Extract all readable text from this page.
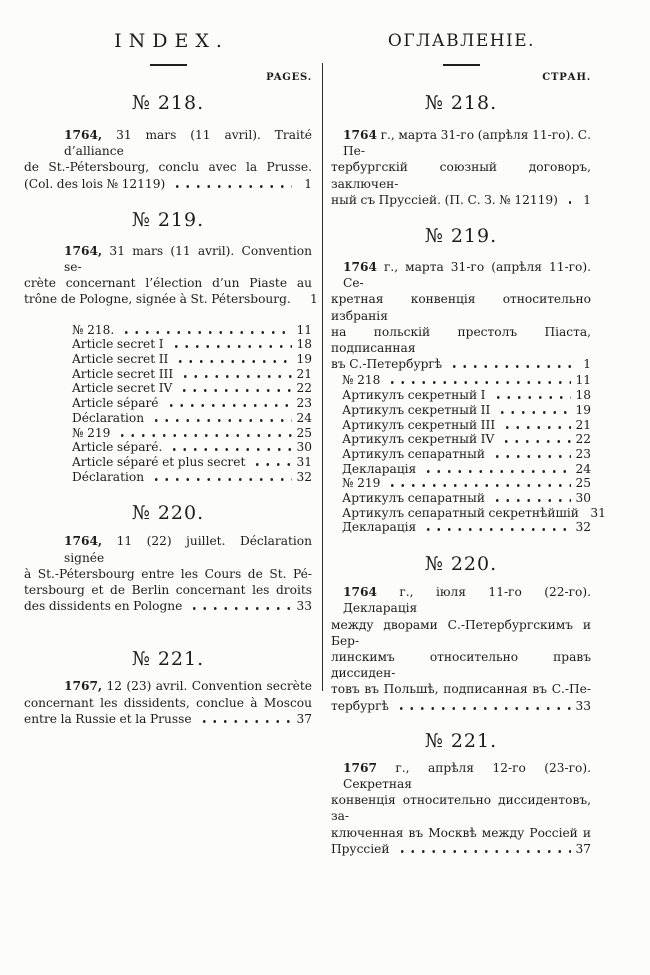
INDEX.
PAGES.
№ 218.
1764, 31 mars (11 avril). Traité d’alliance
de St.-Pétersbourg, conclu avec la Prusse.
(Col. des lois № 12119)	1
№ 219.
1764, 31 mars (11 avril). Convention se-
crète concernant l’élection d’un Piaste au
trône de Pologne, signée à St. Pétersbourg.	1
№ 218.	11
Article secret I	18
Article secret II	19
Article secret III	21
Article secret IV	22
Article séparé	23
Déclaration	24
№ 219	25
Article séparé.	30
Article séparé et plus secret	31
Déclaration	32
№ 220.
1764, 11 (22) juillet. Déclaration signée
à St.-Pétersbourg entre les Cours de St. Pé-
tersbourg et de Berlin concernant les droits
des dissidents en Pologne	33
№ 221.
1767, 12 (23) avril. Convention secrète
concernant les dissidents, conclue à Moscou
entre la Russie et la Prusse	37
ОГЛАВЛЕНІЕ.
СТРАН.
№ 218.
1764 г., марта 31-го (апрѣля 11-го). С. Пе-
тербургскій союзный договоръ, заключен-
ный съ Пруссіей. (П. С. З. № 12119)	1
№ 219.
1764 г., марта 31-го (апрѣля 11-го). Се-
кретная конвенція относительно избранія
на польскій престолъ Піаста, подписанная
въ С.-Петербургѣ	1
№ 218	11
Артикулъ секретный I	18
Артикулъ секретный II	19
Артикулъ секретный III	21
Артикулъ секретный IV	22
Артикулъ сепаратный	23
Декларація	24
№ 219	25
Артикулъ сепаратный	30
Артикулъ сепаратный секретнѣйшій 31
Декларація	32
№ 220.
1764 г., іюля 11-го (22-го). Декларація
между дворами С.-Петербургскимъ и Бер-
линскимъ относительно правъ диссиден-
товъ въ Польшѣ, подписанная въ С.-Пе-
тербургѣ	33
№ 221.
1767 г., апрѣля 12-го (23-го). Секретная
конвенція относительно диссидентовъ, за-
ключенная въ Москвѣ между Россіей и
Пруссіей	37
